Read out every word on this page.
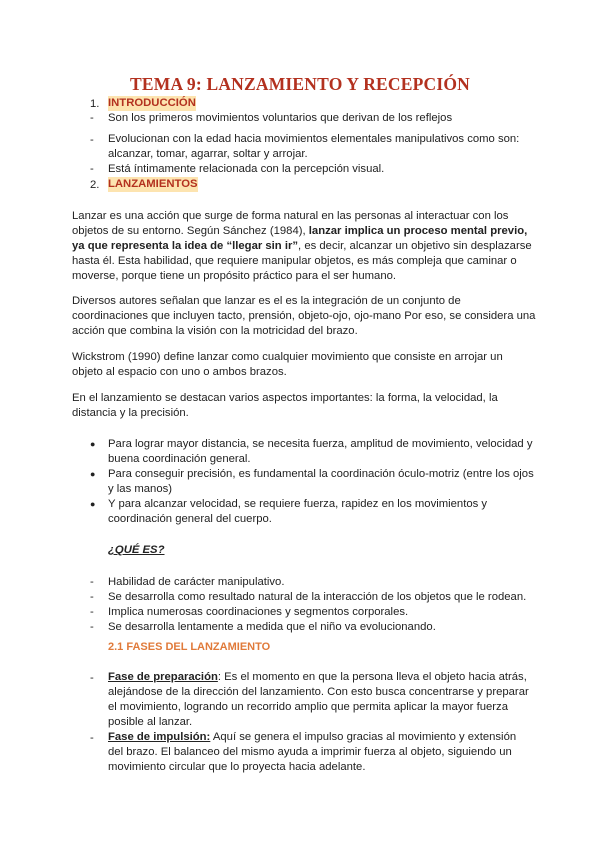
TEMA 9: LANZAMIENTO Y RECEPCIÓN
1. INTRODUCCIÓN
- Son los primeros movimientos voluntarios que derivan de los reflejos
- Evolucionan con la edad hacia movimientos elementales manipulativos como son:
alcanzar, tomar, agarrar, soltar y arrojar.
- Está íntimamente relacionada con la percepción visual.
2. LANZAMIENTOS
Lanzar es una acción que surge de forma natural en las personas al interactuar con los
objetos de su entorno. Según Sánchez (1984), lanzar implica un proceso mental previo,
ya que representa la idea de “llegar sin ir”, es decir, alcanzar un objetivo sin desplazarse
hasta él. Esta habilidad, que requiere manipular objetos, es más compleja que caminar o
moverse, porque tiene un propósito práctico para el ser humano.
Diversos autores señalan que lanzar es el es la integración de un conjunto de
coordinaciones que incluyen tacto, prensión, objeto-ojo, ojo-mano Por eso, se considera una
acción que combina la visión con la motricidad del brazo.
Wickstrom (1990) define lanzar como cualquier movimiento que consiste en arrojar un
objeto al espacio con uno o ambos brazos.
En el lanzamiento se destacan varios aspectos importantes: la forma, la velocidad, la
distancia y la precisión.
● Para lograr mayor distancia, se necesita fuerza, amplitud de movimiento, velocidad y
buena coordinación general.
● Para conseguir precisión, es fundamental la coordinación óculo-motriz (entre los ojos
y las manos)
● Y para alcanzar velocidad, se requiere fuerza, rapidez en los movimientos y
coordinación general del cuerpo.
¿QUÉ ES?
- Habilidad de carácter manipulativo.
- Se desarrolla como resultado natural de la interacción de los objetos que le rodean.
- Implica numerosas coordinaciones y segmentos corporales.
- Se desarrolla lentamente a medida que el niño va evolucionando.
2.1 FASES DEL LANZAMIENTO
- Fase de preparación: Es el momento en que la persona lleva el objeto hacia atrás,
alejándose de la dirección del lanzamiento. Con esto busca concentrarse y preparar
el movimiento, logrando un recorrido amplio que permita aplicar la mayor fuerza
posible al lanzar.
- Fase de impulsión: Aquí se genera el impulso gracias al movimiento y extensión
del brazo. El balanceo del mismo ayuda a imprimir fuerza al objeto, siguiendo un
movimiento circular que lo proyecta hacia adelante.
